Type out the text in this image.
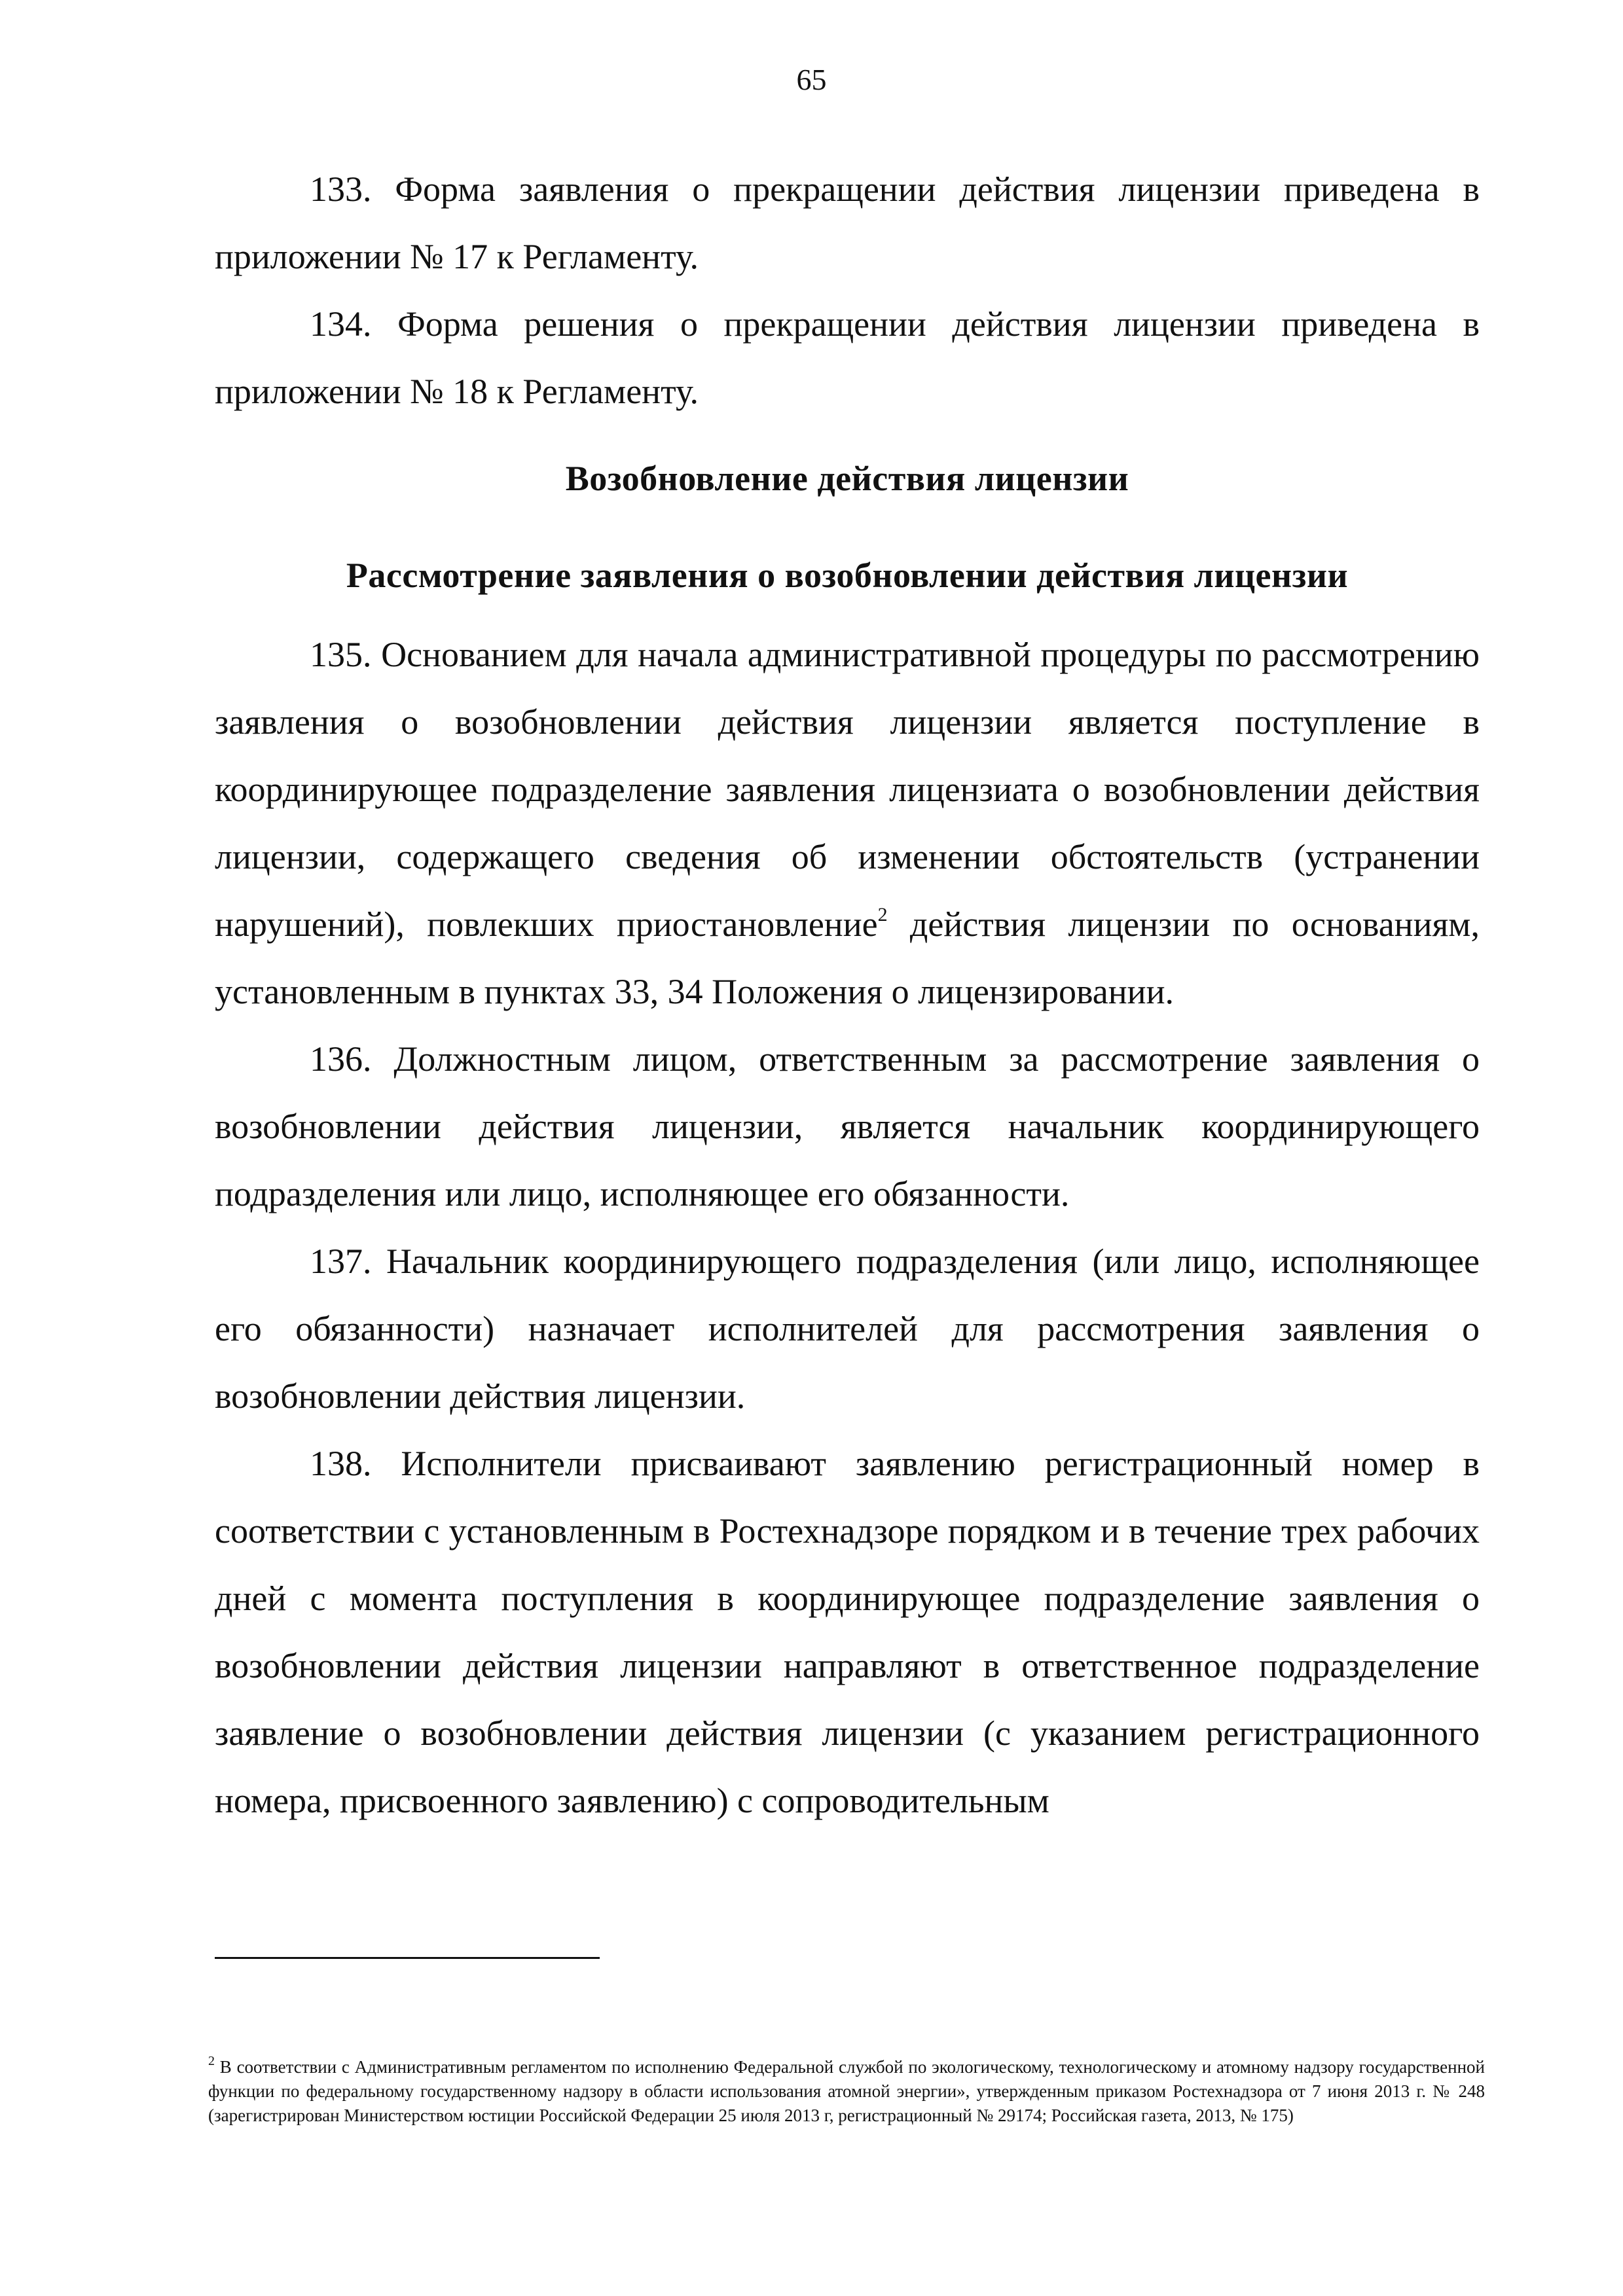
65

133. Форма заявления о прекращении действия лицензии приведена в приложении № 17 к Регламенту.

134. Форма решения о прекращении действия лицензии приведена в приложении № 18 к Регламенту.

Возобновление действия лицензии

Рассмотрение заявления о возобновлении действия лицензии

135. Основанием для начала административной процедуры по рассмотрению заявления о возобновлении действия лицензии является поступление в координирующее подразделение заявления лицензиата о возобновлении действия лицензии, содержащего сведения об изменении обстоятельств (устранении нарушений), повлекших приостановление$^2$ действия лицензии по основаниям, установленным в пунктах 33, 34 Положения о лицензировании.

136. Должностным лицом, ответственным за рассмотрение заявления о возобновлении действия лицензии, является начальник координирующего подразделения или лицо, исполняющее его обязанности.

137. Начальник координирующего подразделения (или лицо, исполняющее его обязанности) назначает исполнителей для рассмотрения заявления о возобновлении действия лицензии.

138. Исполнители присваивают заявлению регистрационный номер в соответствии с установленным в Ростехнадзоре порядком и в течение трех рабочих дней с момента поступления в координирующее подразделение заявления о возобновлении действия лицензии направляют в ответственное подразделение заявление о возобновлении действия лицензии (с указанием регистрационного номера, присвоенного заявлению) с сопроводительным

$^2$ В соответствии с Административным регламентом по исполнению Федеральной службой по экологическому, технологическому и атомному надзору государственной функции по федеральному государственному надзору в области использования атомной энергии», утвержденным приказом Ростехнадзора от 7 июня 2013 г. № 248 (зарегистрирован Министерством юстиции Российской Федерации 25 июля 2013 г, регистрационный № 29174; Российская газета, 2013, № 175)
